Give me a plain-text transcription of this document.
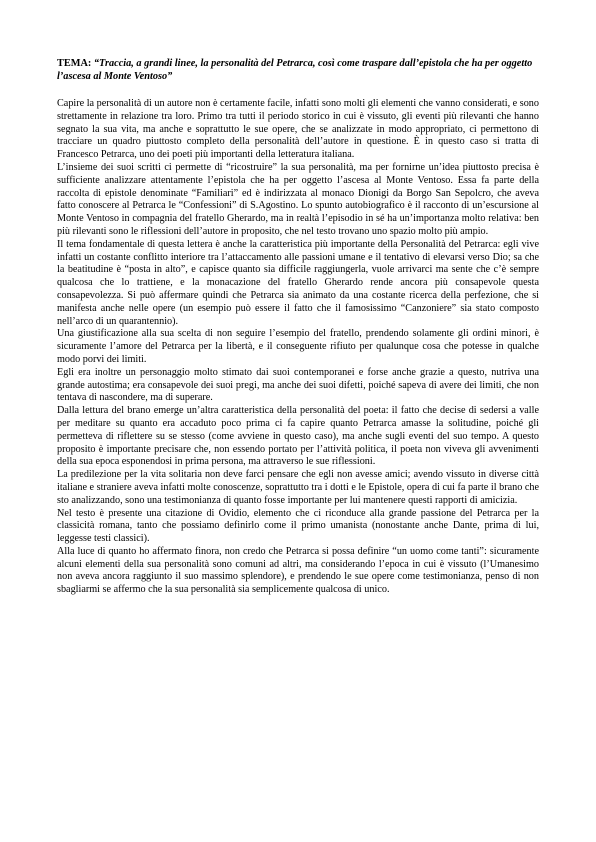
TEMA: “Traccia, a grandi linee, la personalità del Petrarca, così come traspare dall’epistola che ha per oggetto l’ascesa al Monte Ventoso”

Capire la personalità di un autore non è certamente facile, infatti sono molti gli elementi che vanno considerati, e sono strettamente in relazione tra loro. Primo tra tutti il periodo storico in cui è vissuto, gli eventi più rilevanti che hanno segnato la sua vita, ma anche e soprattutto le sue opere, che se analizzate in modo appropriato, ci permettono di tracciare un quadro piuttosto completo della personalità dell’autore in questione. È in questo caso si tratta di Francesco Petrarca, uno dei poeti più importanti della letteratura italiana.

L’insieme dei suoi scritti ci permette di “ricostruire” la sua personalità, ma per fornirne un’idea piuttosto precisa è sufficiente analizzare attentamente l’epistola che ha per oggetto l’ascesa al Monte Ventoso. Essa fa parte della raccolta di epistole denominate “Familiari” ed è indirizzata al monaco Dionigi da Borgo San Sepolcro, che aveva fatto conoscere al Petrarca le “Confessioni” di S.Agostino. Lo spunto autobiografico è il racconto di un’escursione al Monte Ventoso in compagnia del fratello Gherardo, ma in realtà l’episodio in sé ha un’importanza molto relativa: ben più rilevanti sono le riflessioni dell’autore in proposito, che nel testo trovano uno spazio molto più ampio.

Il tema fondamentale di questa lettera è anche la caratteristica più importante della Personalità del Petrarca: egli vive infatti un costante conflitto interiore tra l’attaccamento alle passioni umane e il tentativo di elevarsi verso Dio; sa che la beatitudine è “posta in alto”, e capisce quanto sia difficile raggiungerla, vuole arrivarci ma sente che c’è sempre qualcosa che lo trattiene, e la monacazione del fratello Gherardo rende ancora più consapevole questa consapevolezza. Si può affermare quindi che Petrarca sia animato da una costante ricerca della perfezione, che si manifesta anche nelle opere (un esempio può essere il fatto che il famosissimo “Canzoniere” sia stato composto nell’arco di un quarantennio).

Una giustificazione alla sua scelta di non seguire l’esempio del fratello, prendendo solamente gli ordini minori, è sicuramente l’amore del Petrarca per la libertà, e il conseguente rifiuto per qualunque cosa che potesse in qualche modo porvi dei limiti.

Egli era inoltre un personaggio molto stimato dai suoi contemporanei e forse anche grazie a questo, nutriva una grande autostima; era consapevole dei suoi pregi, ma anche dei suoi difetti, poiché sapeva di avere dei limiti, che non tentava di nascondere, ma di superare.

Dalla lettura del brano emerge un’altra caratteristica della personalità del poeta: il fatto che decise di sedersi a valle per meditare su quanto era accaduto poco prima ci fa capire quanto Petrarca amasse la solitudine, poiché gli permetteva di riflettere su se stesso (come avviene in questo caso), ma anche sugli eventi del suo tempo. A questo proposito è importante precisare che, non essendo portato per l’attività politica, il poeta non viveva gli avvenimenti della sua epoca esponendosi in prima persona, ma attraverso le sue riflessioni.

La predilezione per la vita solitaria non deve farci pensare che egli non avesse amici; avendo vissuto in diverse città italiane e straniere aveva infatti molte conoscenze, soprattutto tra i dotti e le Epistole, opera di cui fa parte il brano che sto analizzando, sono una testimonianza di quanto fosse importante per lui mantenere questi rapporti di amicizia.

Nel testo è presente una citazione di Ovidio, elemento che ci riconduce alla grande passione del Petrarca per la classicità romana, tanto che possiamo definirlo come il primo umanista (nonostante anche Dante, prima di lui, leggesse testi classici).

Alla luce di quanto ho affermato finora, non credo che Petrarca si possa definire “un uomo come tanti”: sicuramente alcuni elementi della sua personalità sono comuni ad altri, ma considerando l’epoca in cui è vissuto (l’Umanesimo non aveva ancora raggiunto il suo massimo splendore), e prendendo le sue opere come testimonianza, penso di non sbagliarmi se affermo che la sua personalità sia semplicemente qualcosa di unico.
